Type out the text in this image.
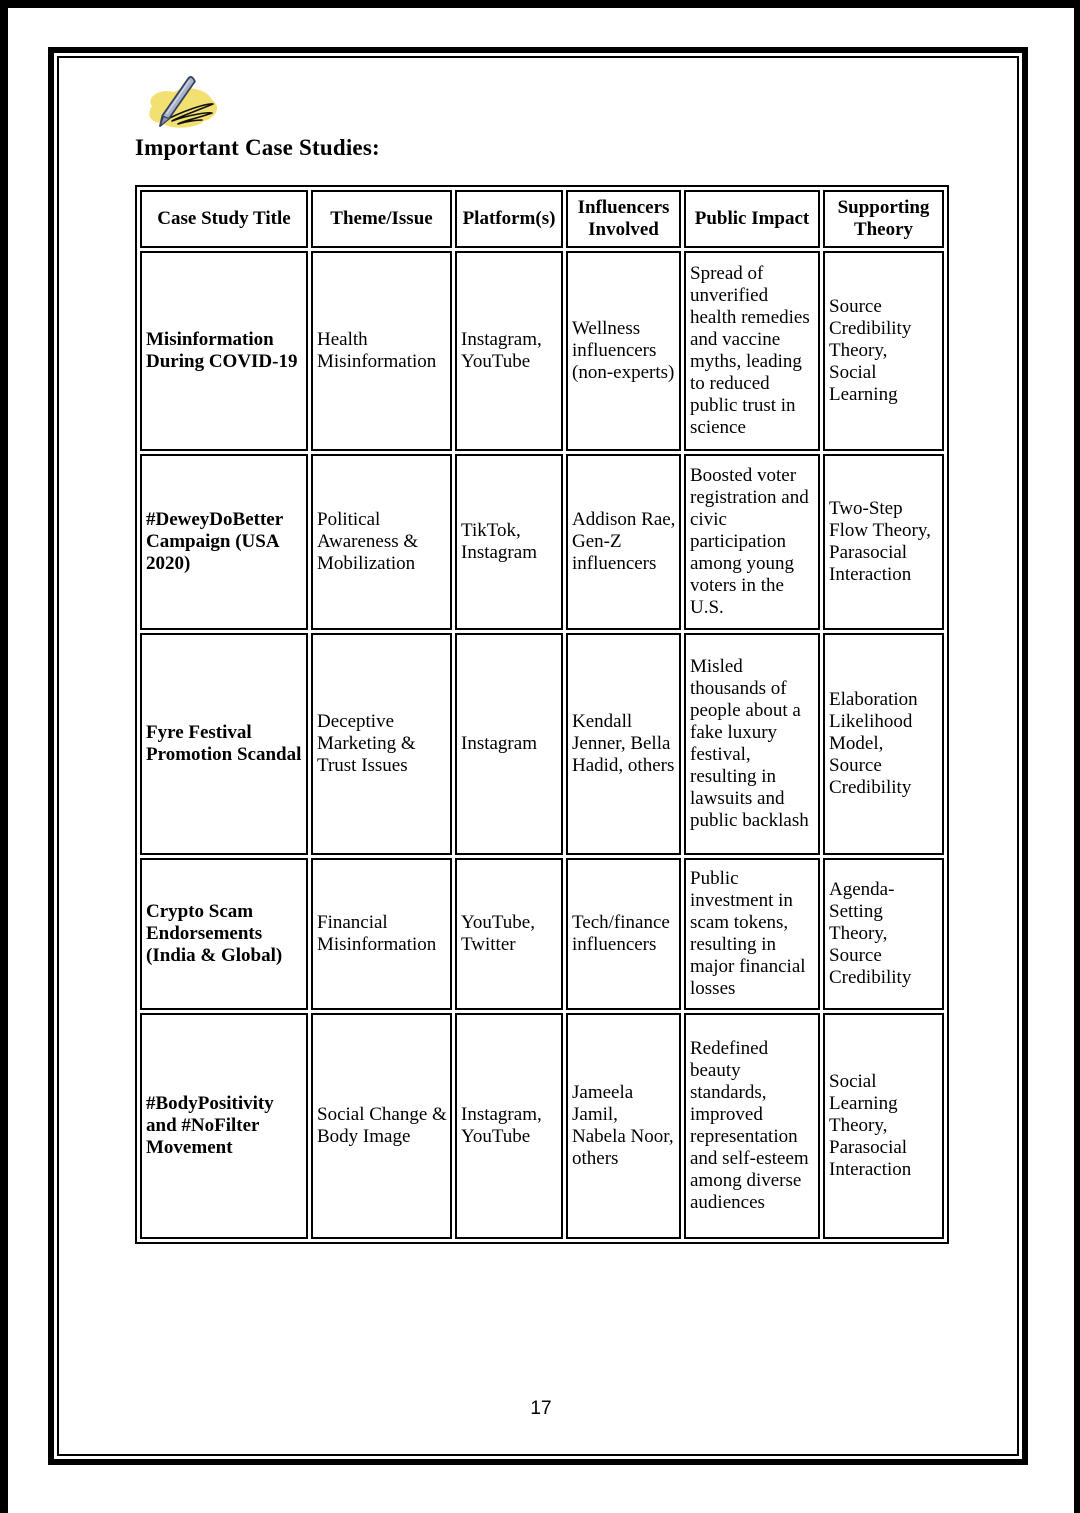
Important Case Studies:
Case Study Title	Theme/Issue	Platform(s)	Influencers Involved	Public Impact	Supporting Theory
Misinformation During COVID-19	Health Misinformation	Instagram, YouTube	Wellness influencers (non-experts)	Spread of unverified health remedies and vaccine myths, leading to reduced public trust in science	Source Credibility Theory, Social Learning
#DeweyDoBetter Campaign (USA 2020)	Political Awareness & Mobilization	TikTok, Instagram	Addison Rae, Gen-Z influencers	Boosted voter registration and civic participation among young voters in the U.S.	Two-Step Flow Theory, Parasocial Interaction
Fyre Festival Promotion Scandal	Deceptive Marketing & Trust Issues	Instagram	Kendall Jenner, Bella Hadid, others	Misled thousands of people about a fake luxury festival, resulting in lawsuits and public backlash	Elaboration Likelihood Model, Source Credibility
Crypto Scam Endorsements (India & Global)	Financial Misinformation	YouTube, Twitter	Tech/finance influencers	Public investment in scam tokens, resulting in major financial losses	Agenda-Setting Theory, Source Credibility
#BodyPositivity and #NoFilter Movement	Social Change & Body Image	Instagram, YouTube	Jameela Jamil, Nabela Noor, others	Redefined beauty standards, improved representation and self-esteem among diverse audiences	Social Learning Theory, Parasocial Interaction
17
